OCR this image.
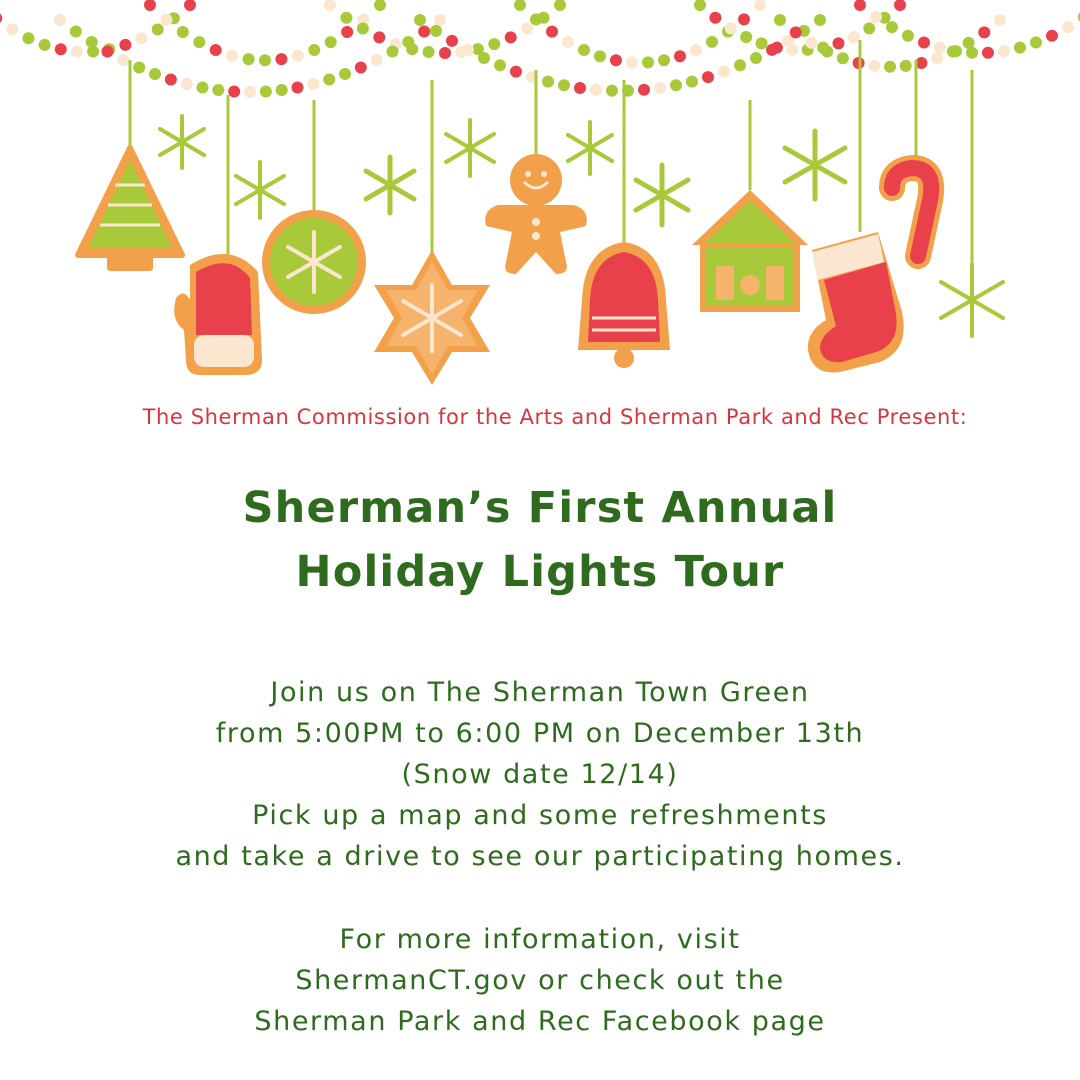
The Sherman Commission for the Arts and Sherman Park and Rec Present:
Sherman’s First Annual
Holiday Lights Tour
Join us on The Sherman Town Green
from 5:00PM to 6:00 PM on December 13th
(Snow date 12/14)
Pick up a map and some refreshments
and take a drive to see our participating homes.
For more information, visit
ShermanCT.gov or check out the
Sherman Park and Rec Facebook page
